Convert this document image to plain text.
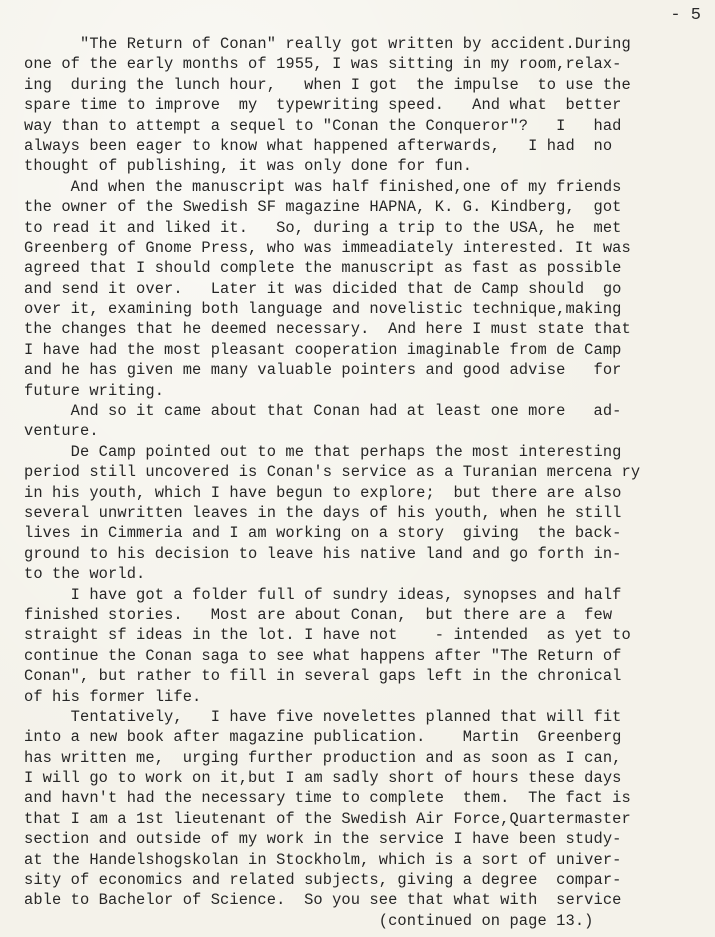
- 5
"The Return of Conan" really got written by accident.During
one of the early months of 1955, I was sitting in my room,relax-
ing  during the lunch hour,   when I got  the impulse  to use the
spare time to improve  my  typewriting speed.   And what  better
way than to attempt a sequel to "Conan the Conqueror"?   I   had
always been eager to know what happened afterwards,   I had  no
thought of publishing, it was only done for fun.
And when the manuscript was half finished,one of my friends
the owner of the Swedish SF magazine HAPNA, K. G. Kindberg,  got
to read it and liked it.   So, during a trip to the USA, he  met
Greenberg of Gnome Press, who was immeadiately interested. It was
agreed that I should complete the manuscript as fast as possible
and send it over.   Later it was dicided that de Camp should  go
over it, examining both language and novelistic technique,making
the changes that he deemed necessary.  And here I must state that
I have had the most pleasant cooperation imaginable from de Camp
and he has given me many valuable pointers and good advise   for
future writing.
And so it came about that Conan had at least one more   ad-
venture.
De Camp pointed out to me that perhaps the most interesting
period still uncovered is Conan's service as a Turanian mercena ry
in his youth, which I have begun to explore;  but there are also
several unwritten leaves in the days of his youth, when he still
lives in Cimmeria and I am working on a story  giving  the back-
ground to his decision to leave his native land and go forth in-
to the world.
I have got a folder full of sundry ideas, synopses and half
finished stories.   Most are about Conan,  but there are a  few
straight sf ideas in the lot. I have not    - intended  as yet to
continue the Conan saga to see what happens after "The Return of
Conan", but rather to fill in several gaps left in the chronical
of his former life.
Tentatively,   I have five novelettes planned that will fit
into a new book after magazine publication.    Martin  Greenberg
has written me,  urging further production and as soon as I can,
I will go to work on it,but I am sadly short of hours these days
and havn't had the necessary time to complete  them.  The fact is
that I am a 1st lieutenant of the Swedish Air Force,Quartermaster
section and outside of my work in the service I have been study-
at the Handelshogskolan in Stockholm, which is a sort of univer-
sity of economics and related subjects, giving a degree  compar-
able to Bachelor of Science.  So you see that what with  service
(continued on page 13.)
